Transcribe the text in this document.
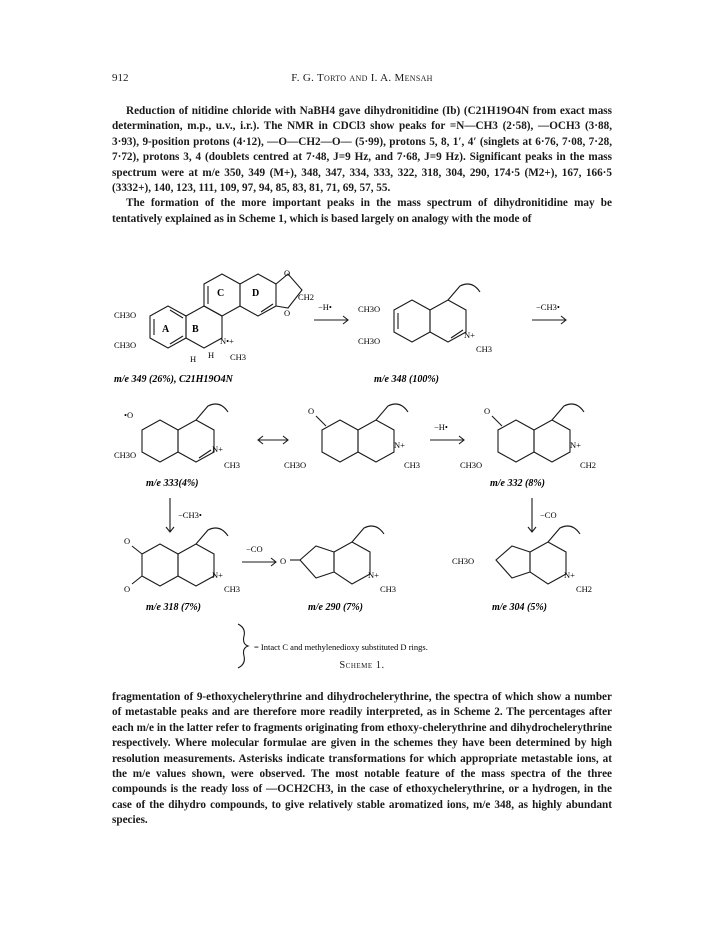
912	F. G. Torto and I. A. Mensah
Reduction of nitidine chloride with NaBH4 gave dihydronitidine (Ib) (C21H19O4N from exact mass determination, m.p., u.v., i.r.). The NMR in CDCl3 show peaks for =N—CH3 (2·58), —OCH3 (3·88, 3·93), 9-position protons (4·12), —O—CH2—O— (5·99), protons 5, 8, 1′, 4′ (singlets at 6·76, 7·08, 7·28, 7·72), protons 3, 4 (doublets centred at 7·48, J=9 Hz, and 7·68, J=9 Hz). Significant peaks in the mass spectrum were at m/e 350, 349 (M+), 348, 347, 334, 333, 322, 318, 304, 290, 174·5 (M2+), 167, 166·5 (3332+), 140, 123, 111, 109, 97, 94, 85, 83, 81, 71, 69, 57, 55.
The formation of the more important peaks in the mass spectrum of dihydronitidine may be tentatively explained as in Scheme 1, which is based largely on analogy with the mode of
B
A
C	D
O
O
CH2
CH3O
CH3O	N•+
CH3
H H
m/e 349 (26%), C21H19O4N
−H•	CH3O
CH3O
N+
CH3
m/e 348 (100%)
−CH3•
•O
CH3O
N+
CH3
m/e 333(4%)
O
CH3O
N+
CH3
−H•
O
CH3O
N+
CH2
m/e 332 (8%)
−CH3•	−CO
O
O
N+
CH3
m/e 318 (7%)
−CO
O
N+
CH3
m/e 290 (7%)
CH3O
N+
CH2
m/e 304 (5%)
= Intact C and methylenedioxy substituted D rings.
Scheme 1.
fragmentation of 9-ethoxychelerythrine and dihydrochelerythrine, the spectra of which show a number of metastable peaks and are therefore more readily interpreted, as in Scheme 2. The percentages after each m/e in the latter refer to fragments originating from ethoxy-chelerythrine and dihydrochelerythrine respectively. Where molecular formulae are given in the schemes they have been determined by high resolution measurements. Asterisks indicate transformations for which appropriate metastable ions, at the m/e values shown, were observed. The most notable feature of the mass spectra of the three compounds is the ready loss of —OCH2CH3, in the case of ethoxychelerythrine, or a hydrogen, in the case of the dihydro compounds, to give relatively stable aromatized ions, m/e 348, as highly abundant species.
